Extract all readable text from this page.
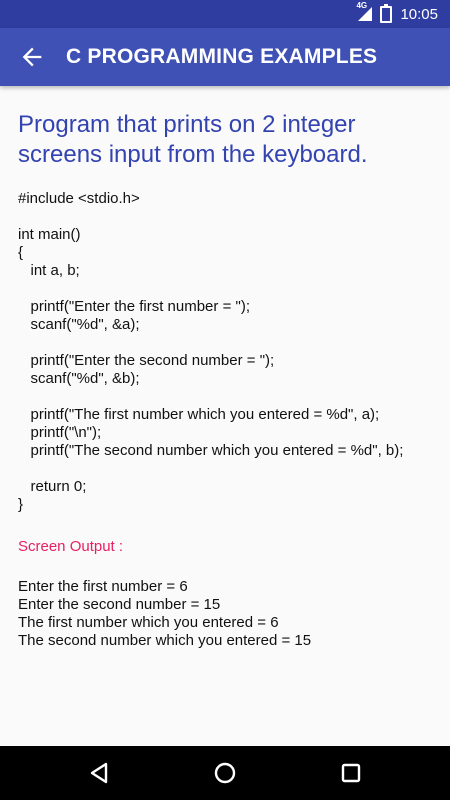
4G 10:05
C PROGRAMMING EXAMPLES
Program that prints on 2 integer screens input from the keyboard.
#include <stdio.h>

int main()
{
int a, b;

printf("Enter the first number = ");
scanf("%d", &a);

printf("Enter the second number = ");
scanf("%d", &b);

printf("The first number which you entered = %d", a);
printf("\n");
printf("The second number which you entered = %d", b);

return 0;
}
Screen Output :
Enter the first number = 6
Enter the second number = 15
The first number which you entered = 6
The second number which you entered = 15
